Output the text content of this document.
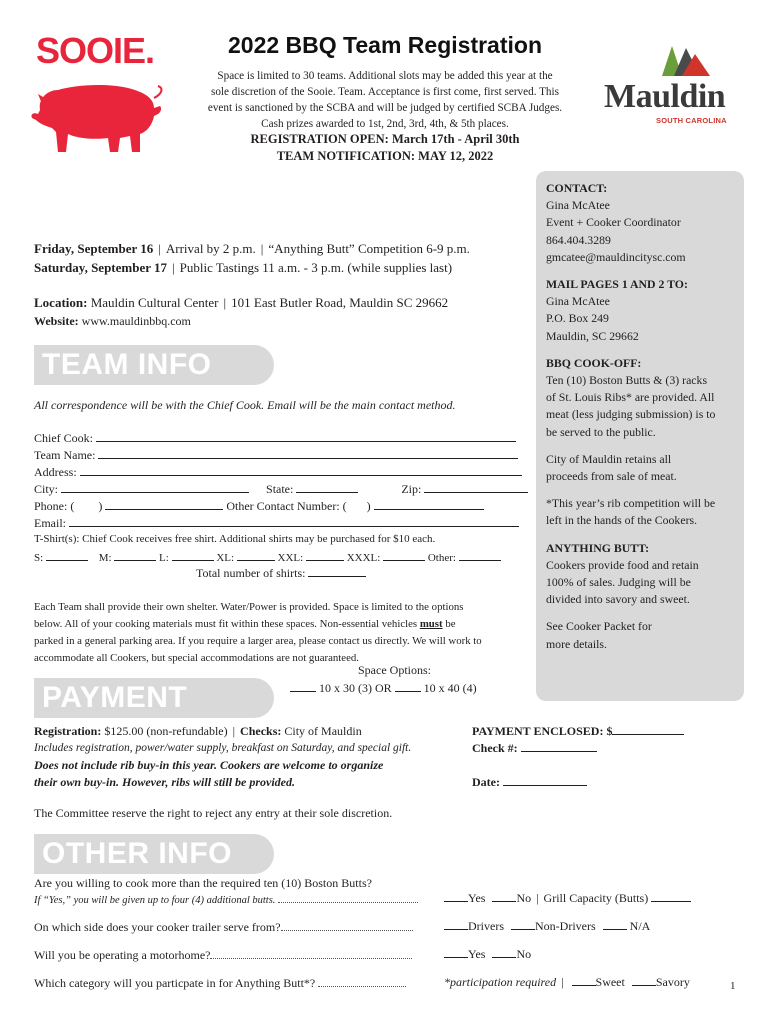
SOOIE.	2022 BBQ Team Registration
Space is limited to 30 teams. Additional slots may be added this year at the
sole discretion of the Sooie. Team. Acceptance is first come, first served. This
event is sanctioned by the SCBA and will be judged by certified SCBA Judges.
Cash prizes awarded to 1st, 2nd, 3rd, 4th, & 5th places.
REGISTRATION OPEN: March 17th - April 30th
TEAM NOTIFICATION: MAY 12, 2022
Mauldin
SOUTH CAROLINA
CONTACT:
Gina McAtee
Event + Cooker Coordinator
864.404.3289
gmcatee@mauldincitysc.com
MAIL PAGES 1 AND 2 TO:
Gina McAtee
P.O. Box 249
Mauldin, SC 29662
BBQ COOK-OFF:
Ten (10) Boston Butts & (3) racks
of St. Louis Ribs* are provided. All
meat (less judging submission) is to
be served to the public.
City of Mauldin retains all
proceeds from sale of meat.
*This year’s rib competition will be
left in the hands of the Cookers.
ANYTHING BUTT:
Cookers provide food and retain
100% of sales. Judging will be
divided into savory and sweet.
See Cooker Packet for
more details.
Friday, September 16 | Arrival by 2 p.m. | “Anything Butt” Competition 6-9 p.m.
Saturday, September 17 | Public Tastings 11 a.m. - 3 p.m. (while supplies last)
Location: Mauldin Cultural Center | 101 East Butler Road, Mauldin SC 29662
Website: www.mauldinbbq.com
TEAM INFO
All correspondence will be with the Chief Cook. Email will be the main contact method.
Chief Cook:
Team Name:
Address:
City:	State:	Zip:
Phone: ( )	Other Contact Number: ( )
Email:
T-Shirt(s): Chief Cook receives free shirt. Additional shirts may be purchased for $10 each.
S:	M:	L:	XL:	XXL:	XXXL:	Other:
Total number of shirts:
Each Team shall provide their own shelter. Water/Power is provided. Space is limited to the options
below. All of your cooking materials must fit within these spaces. Non-essential vehicles must be
parked in a general parking area. If you require a larger area, please contact us directly. We will work to
accommodate all Cookers, but special accommodations are not guaranteed.
Space Options:
10 x 30 (3) OR	10 x 40 (4)
PAYMENT
Registration: $125.00 (non-refundable) | Checks: City of Mauldin
Includes registration, power/water supply, breakfast on Saturday, and special gift.
Does not include rib buy-in this year. Cookers are welcome to organize
their own buy-in. However, ribs will still be provided.
PAYMENT ENCLOSED: $
Check #:
Date:
The Committee reserve the right to reject any entry at their sole discretion.
OTHER INFO
Are you willing to cook more than the required ten (10) Boston Butts?
If “Yes,” you will be given up to four (4) additional butts.	Yes	No | Grill Capacity (Butts)
On which side does your cooker trailer serve from?	Drivers	Non-Drivers	N/A
Will you be operating a motorhome?	Yes	No
Which category will you particpate in for Anything Butt*?	*participation required |	Sweet	Savory	1
